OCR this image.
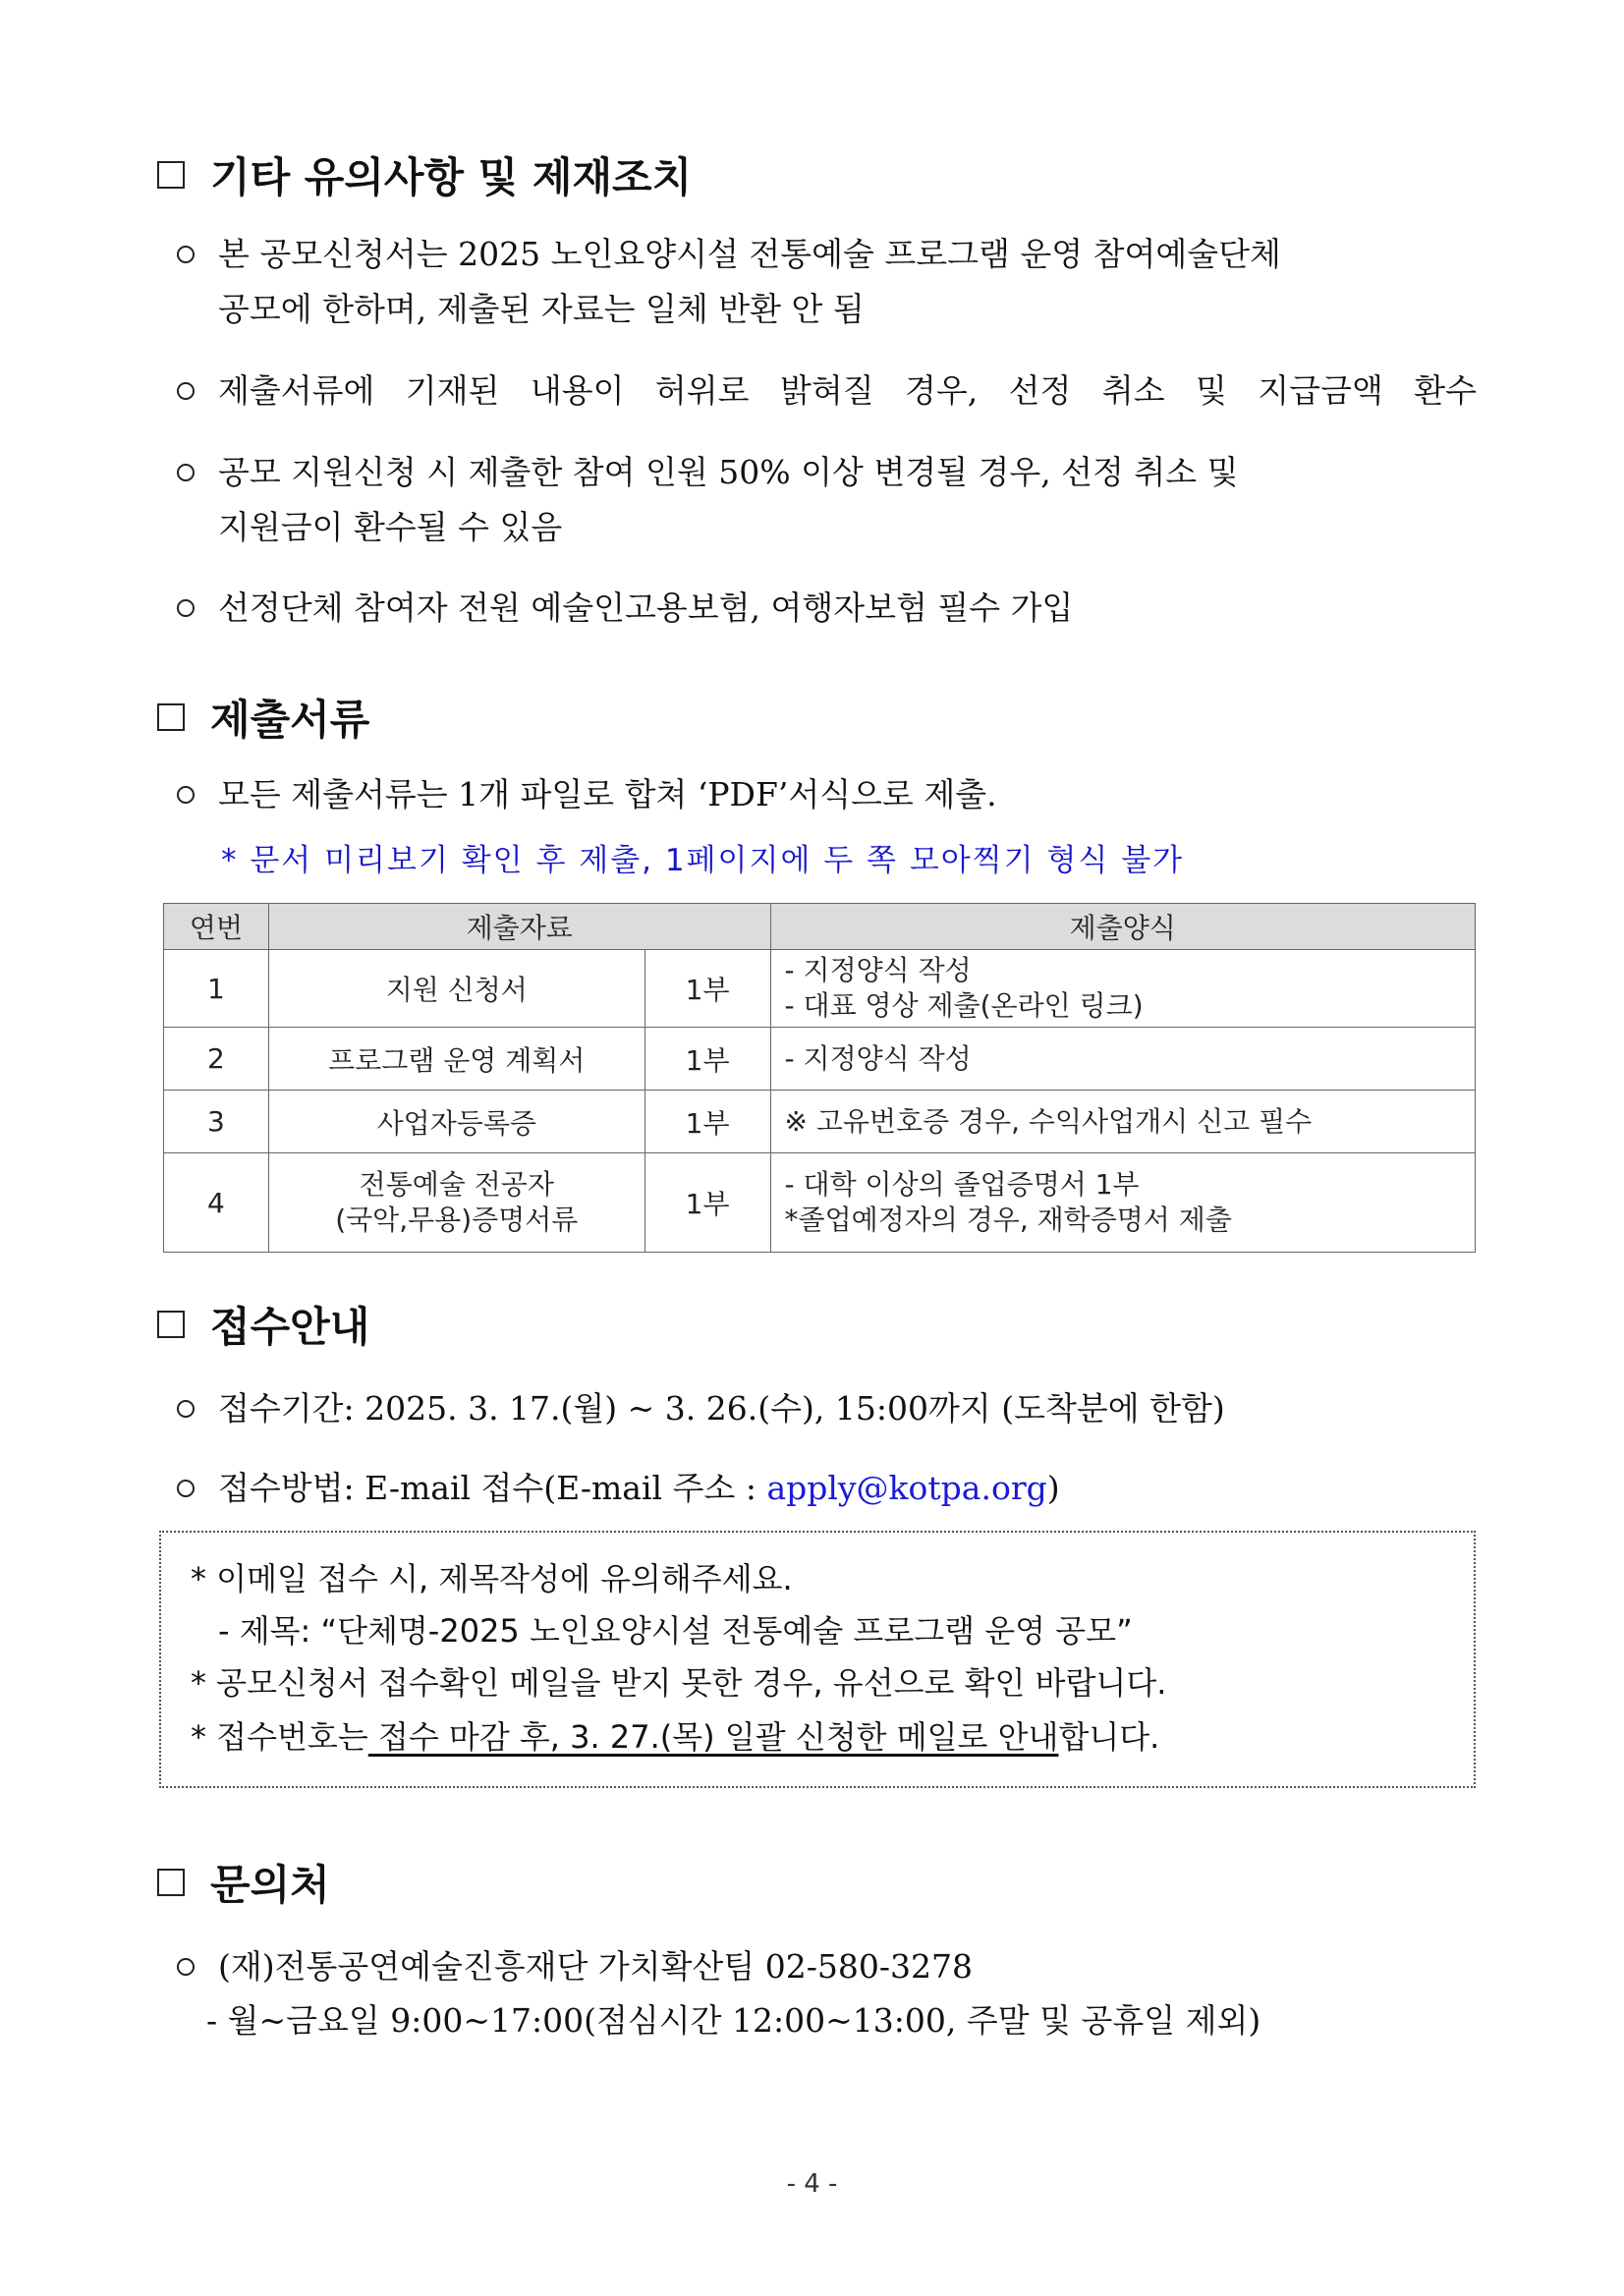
기타 유의사항 및 제재조치
본 공모신청서는 2025 노인요양시설 전통예술 프로그램 운영 참여예술단체
공모에 한하며, 제출된 자료는 일체 반환 안 됨
제출서류에 기재된 내용이 허위로 밝혀질 경우, 선정 취소 및 지급금액 환수
공모 지원신청 시 제출한 참여 인원 50% 이상 변경될 경우, 선정 취소 및
지원금이 환수될 수 있음
선정단체 참여자 전원 예술인고용보험, 여행자보험 필수 가입
제출서류
모든 제출서류는 1개 파일로 합쳐 ‘PDF’서식으로 제출.
* 문서 미리보기 확인 후 제출, 1페이지에 두 쪽 모아찍기 형식 불가
연번	제출자료		제출양식
1	지원 신청서	1부	- 지정양식 작성
- 대표 영상 제출(온라인 링크)

2	프로그램 운영 계획서	1부	- 지정양식 작성
3	사업자등록증	1부	※ 고유번호증 경우, 수익사업개시 신고 필수
4	전통예술 전공자
(국악,무용)증명서류	1부	- 대학 이상의 졸업증명서 1부
*졸업예정자의 경우, 재학증명서 제출
접수안내
접수기간: 2025. 3. 17.(월) ~ 3. 26.(수), 15:00까지 (도착분에 한함)
접수방법: E-mail 접수(E-mail 주소 : apply@kotpa.org)
* 이메일 접수 시, 제목작성에 유의해주세요.
- 제목: “단체명-2025 노인요양시설 전통예술 프로그램 운영 공모”
* 공모신청서 접수확인 메일을 받지 못한 경우, 유선으로 확인 바랍니다.
* 접수번호는 접수 마감 후, 3. 27.(목) 일괄 신청한 메일로 안내합니다.
문의처
(재)전통공연예술진흥재단 가치확산팀 02-580-3278
- 월~금요일 9:00~17:00(점심시간 12:00~13:00, 주말 및 공휴일 제외)
- 4 -
